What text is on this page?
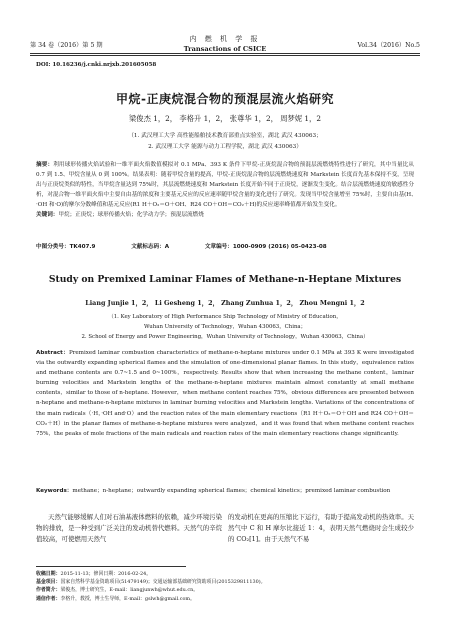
第 34 卷（2016）第 5 期
内 燃 机 学 报
Transactions of CSICE	Vol.34（2016）No.5
DOI: 10.16236/j.cnki.nrjxb.201605058
甲烷-正庚烷混合物的预混层流火焰研究
梁俊杰 1，2， 李格升 1，2， 张尊华 1，2， 周梦妮 1，2
（1. 武汉理工大学 高性能船舶技术教育部重点实验室，湖北 武汉 430063；
2. 武汉理工大学 能源与动力工程学院，湖北 武汉 430063）
摘要：利用球形传播火焰试验和一维平面火焰数值模拟对 0.1 MPa、393 K 条件下甲烷-正庚烷混合物的预混层流燃烧特性进行了研究，其中当量比从 0.7 到 1.5、甲烷含量从 0 到 100%。结果表明：随着甲烷含量的提高，甲烷-正庚烷混合物的层流燃烧速度和 Markstein 长度首先基本保持不变，呈现出与正庚烷类似的特性，当甲烷含量达到 75%时，其层流燃烧速度和 Markstein 长度开始不同于正庚烷，逐渐发生变化。结合层流燃烧速度的敏感性分析，对混合物一维平面火焰中主要自由基的浓度和主要基元反应的反应速率随甲烷含量的变化进行了研究。发现当甲烷含量增至 75%时，主要自由基(H、·OH 和·O)的摩尔分数峰值和基元反应(R1 H＋O₂＝O＋OH、R24 CO＋OH＝CO₂＋H)的反应速率峰值都开始发生变化。
关键词：甲烷；正庚烷；球形传播火焰；化学动力学；预混层流燃烧
中图分类号：TK407.9	文献标志码：A	文章编号：1000-0909 (2016) 05-0423-08
Study on Premixed Laminar Flames of Methane-n-Heptane Mixtures
Liang Junjie 1，2， Li Gesheng 1，2， Zhang Zunhua 1，2， Zhou Mengni 1，2
（1. Key Laboratory of High Performance Ship Technology of Ministry of Education，
Wuhan University of Technology，Wuhan 430063，China；
2. School of Energy and Power Engineering，Wuhan University of Technology，Wuhan 430063，China）
Abstract：Premixed laminar combustion characteristics of methane-n-heptane mixtures under 0.1 MPa at 393 K were investigated via the outwardly expanding spherical flames and the simulation of one-dimensional planar flames. In this study，equivalence ratios and methane contents are 0.7~1.5 and 0~100%，respectively. Results show that when increasing the methane content，laminar burning velocities and Markstein lengths of the methane-n-heptane mixtures maintain almost constantly at small methane contents，similar to those of n-heptane. However，when methane content reaches 75%，obvious differences are presented between n-heptane and methane-n-heptane mixtures in laminar burning velocities and Markstein lengths. Variations of the concentrations of the main radicals（·H，·OH and·O）and the reaction rates of the main elementary reactions（R1 H＋O₂＝O＋OH and R24 CO＋OH＝CO₂＋H）in the planar flames of methane-n-heptane mixtures were analyzed，and it was found that when methane content reaches 75%，the peaks of mole fractions of the main radicals and reaction rates of the main elementary reactions change significantly.
Keywords：methane；n-heptane；outwardly expanding spherical flames；chemical kinetics；premixed laminar combustion
天然气能够缓解人们对石油基液体燃料的依赖，减少环境污染物的排放，是一种受到广泛关注的发动机替代燃料。天然气的辛烷值较高，可使燃用天然气
的发动机在更高的压缩比下运行，有助于提高发动机的热效率。天然气中 C 和 H 摩尔比接近 1：4，表明天然气燃烧时会生成较少的 CO₂[1]。由于天然气不易
收稿日期：2015-11-13；修回日期：2016-02-24。
基金项目：国家自然科学基金资助项目(51479149)；交通运输部基础研究资助项目(2015329811130)。
作者简介：梁俊杰，博士研究生，E-mail：liangjunwh@whut.edu.cn。
通信作者：李格升，教授，博士生导师，E-mail：gslwh@gmail.com。
